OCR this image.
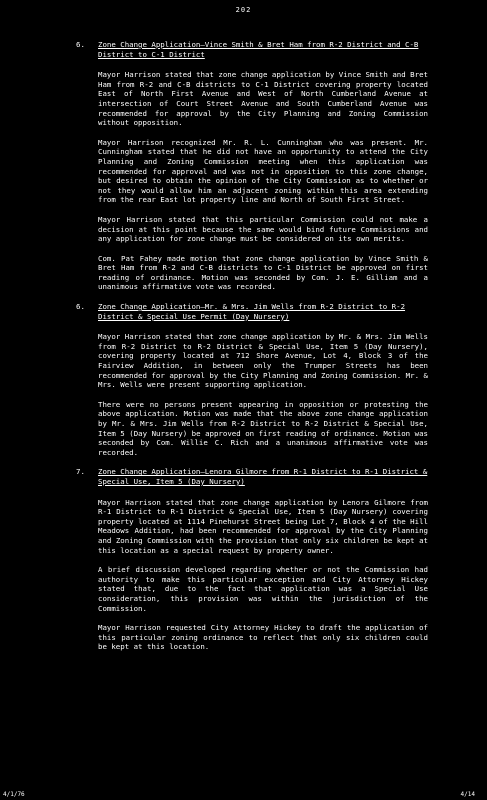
202
6.	Zone Change Application—Vince Smith & Bret Ham from R-2 District and C-B District to C-1 District

Mayor Harrison stated that zone change application by Vince Smith and Bret Ham from R-2 and C-B districts to C-1 District covering property located East of North First Avenue and West of North Cumberland Avenue at intersection of Court Street Avenue and South Cumberland Avenue was recommended for approval by the City Planning and Zoning Commission without opposition.

Mayor Harrison recognized Mr. R. L. Cunningham who was present. Mr. Cunningham stated that he did not have an opportunity to attend the City Planning and Zoning Commission meeting when this application was recommended for approval and was not in opposition to this zone change, but desired to obtain the opinion of the City Commission as to whether or not they would allow him an adjacent zoning within this area extending from the rear East lot property line and North of South First Street.

Mayor Harrison stated that this particular Commission could not make a decision at this point because the same would bind future Commissions and any application for zone change must be considered on its own merits.

Com. Pat Fahey made motion that zone change application by Vince Smith & Bret Ham from R-2 and C-B districts to C-1 District be approved on first reading of ordinance. Motion was seconded by Com. J. E. Gilliam and a unanimous affirmative vote was recorded.

6.	Zone Change Application—Mr. & Mrs. Jim Wells from R-2 District to R-2 District & Special Use Permit (Day Nursery)

Mayor Harrison stated that zone change application by Mr. & Mrs. Jim Wells from R-2 District to R-2 District & Special Use, Item 5 (Day Nursery), covering property located at 712 Shore Avenue, Lot 4, Block 3 of the Fairview Addition, in between only the Trumper Streets has been recommended for approval by the City Planning and Zoning Commission. Mr. & Mrs. Wells were present supporting application.

There were no persons present appearing in opposition or protesting the above application. Motion was made that the above zone change application by Mr. & Mrs. Jim Wells from R-2 District to R-2 District & Special Use, Item 5 (Day Nursery) be approved on first reading of ordinance. Motion was seconded by Com. Willie C. Rich and a unanimous affirmative vote was recorded.

7.	Zone Change Application—Lenora Gilmore from R-1 District to R-1 District & Special Use, Item 5 (Day Nursery)

Mayor Harrison stated that zone change application by Lenora Gilmore from R-1 District to R-1 District & Special Use, Item 5 (Day Nursery) covering property located at 1114 Pinehurst Street being Lot 7, Block 4 of the Hill Meadows Addition, had been recommended for approval by the City Planning and Zoning Commission with the provision that only six children be kept at this location as a special request by property owner.

A brief discussion developed regarding whether or not the Commission had authority to make this particular exception and City Attorney Hickey stated that, due to the fact that application was a Special Use consideration, this provision was within the jurisdiction of the Commission.

Mayor Harrison requested City Attorney Hickey to draft the application of this particular zoning ordinance to reflect that only six children could be kept at this location.

4/1/76	4/14
